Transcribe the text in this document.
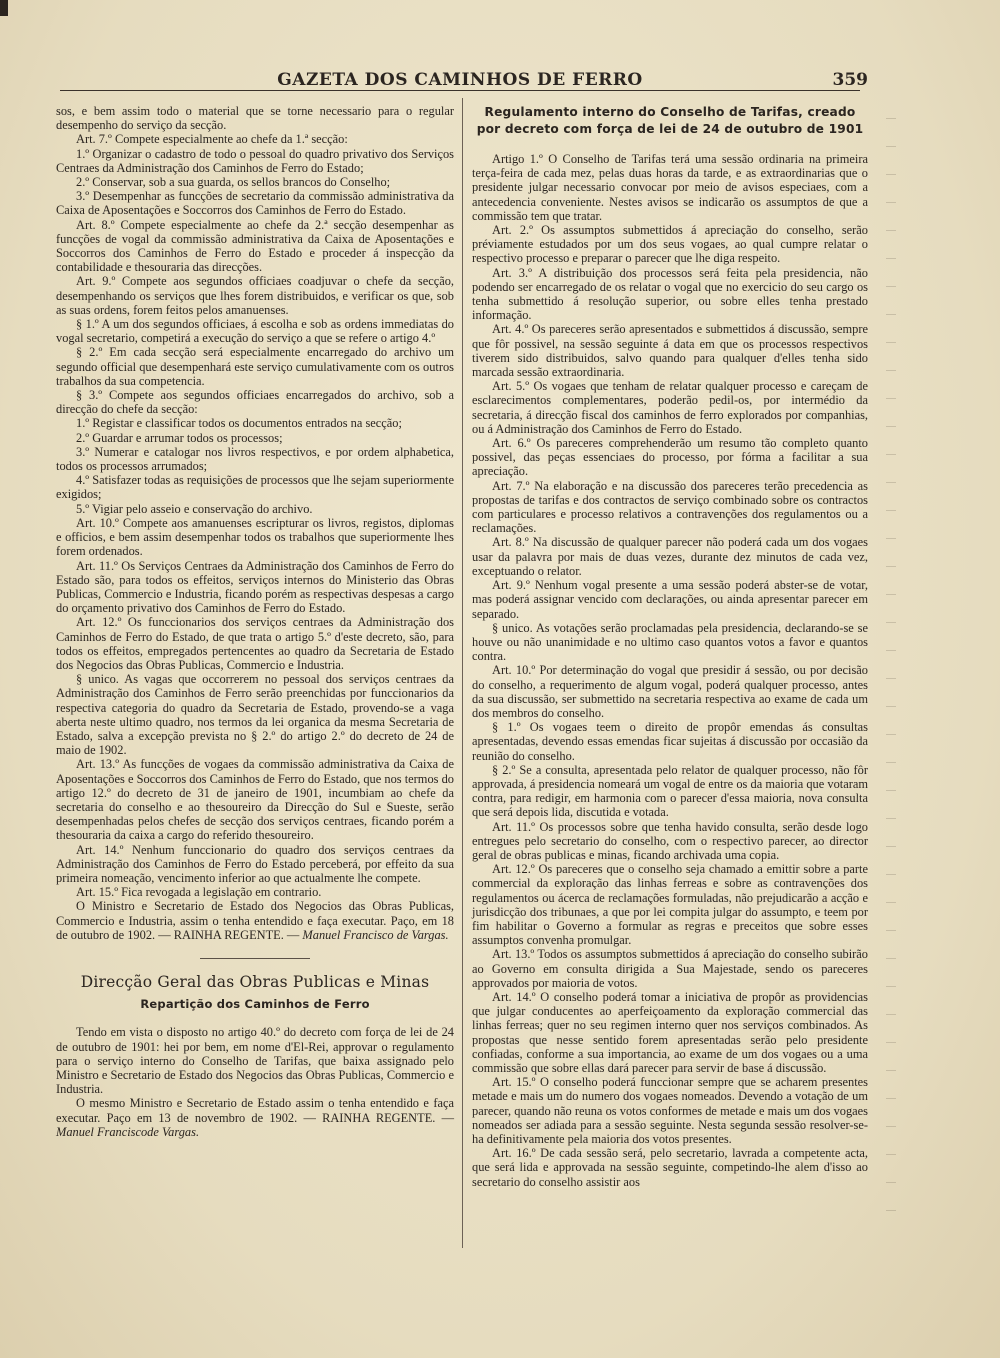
GAZETA DOS CAMINHOS DE FERRO	359

sos, e bem assim todo o material que se torne necessario para o regular desempenho do serviço da secção.

Art. 7.º Compete especialmente ao chefe da 1.ª secção:

1.º Organizar o cadastro de todo o pessoal do quadro privativo dos Serviços Centraes da Administração dos Caminhos de Ferro do Estado;

2.º Conservar, sob a sua guarda, os sellos brancos do Conselho;

3.º Desempenhar as funcções de secretario da commissão administrativa da Caixa de Aposentações e Soccorros dos Caminhos de Ferro do Estado.

Art. 8.º Compete especialmente ao chefe da 2.ª secção desempenhar as funcções de vogal da commissão administrativa da Caixa de Aposentações e Soccorros dos Caminhos de Ferro do Estado e proceder á inspecção da contabilidade e thesouraria das direcções.

Art. 9.º Compete aos segundos officiaes coadjuvar o chefe da secção, desempenhando os serviços que lhes forem distribuidos, e verificar os que, sob as suas ordens, forem feitos pelos amanuenses.

§ 1.º A um dos segundos officiaes, á escolha e sob as ordens immediatas do vogal secretario, competirá a execução do serviço a que se refere o artigo 4.º

§ 2.º Em cada secção será especialmente encarregado do archivo um segundo official que desempenhará este serviço cumulativamente com os outros trabalhos da sua competencia.

§ 3.º Compete aos segundos officiaes encarregados do archivo, sob a direcção do chefe da secção:

1.º Registar e classificar todos os documentos entrados na secção;

2.º Guardar e arrumar todos os processos;

3.º Numerar e catalogar nos livros respectivos, e por ordem alphabetica, todos os processos arrumados;

4.º Satisfazer todas as requisições de processos que lhe sejam superiormente exigidos;

5.º Vigiar pelo asseio e conservação do archivo.

Art. 10.º Compete aos amanuenses escripturar os livros, registos, diplomas e officios, e bem assim desempenhar todos os trabalhos que superiormente lhes forem ordenados.

Art. 11.º Os Serviços Centraes da Administração dos Caminhos de Ferro do Estado são, para todos os effeitos, serviços internos do Ministerio das Obras Publicas, Commercio e Industria, ficando porém as respectivas despesas a cargo do orçamento privativo dos Caminhos de Ferro do Estado.

Art. 12.º Os funccionarios dos serviços centraes da Administração dos Caminhos de Ferro do Estado, de que trata o artigo 5.º d'este decreto, são, para todos os effeitos, empregados pertencentes ao quadro da Secretaria de Estado dos Negocios das Obras Publicas, Commercio e Industria.

§ unico. As vagas que occorrerem no pessoal dos serviços centraes da Administração dos Caminhos de Ferro serão preenchidas por funccionarios da respectiva categoria do quadro da Secretaria de Estado, provendo-se a vaga aberta neste ultimo quadro, nos termos da lei organica da mesma Secretaria de Estado, salva a excepção prevista no § 2.º do artigo 2.º do decreto de 24 de maio de 1902.

Art. 13.º As funcções de vogaes da commissão administrativa da Caixa de Aposentações e Soccorros dos Caminhos de Ferro do Estado, que nos termos do artigo 12.º do decreto de 31 de janeiro de 1901, incumbiam ao chefe da secretaria do conselho e ao thesoureiro da Direcção do Sul e Sueste, serão desempenhadas pelos chefes de secção dos serviços centraes, ficando porém a thesouraria da caixa a cargo do referido thesoureiro.

Art. 14.º Nenhum funccionario do quadro dos serviços centraes da Administração dos Caminhos de Ferro do Estado perceberá, por effeito da sua primeira nomeação, vencimento inferior ao que actualmente lhe compete.

Art. 15.º Fica revogada a legislação em contrario.

O Ministro e Secretario de Estado dos Negocios das Obras Publicas, Commercio e Industria, assim o tenha entendido e faça executar. Paço, em 18 de outubro de 1902. — RAINHA REGENTE. — Manuel Francisco de Vargas.

Direcção Geral das Obras Publicas e Minas
Repartição dos Caminhos de Ferro

Tendo em vista o disposto no artigo 40.º do decreto com força de lei de 24 de outubro de 1901: hei por bem, em nome d'El-Rei, approvar o regulamento para o serviço interno do Conselho de Tarifas, que baixa assignado pelo Ministro e Secretario de Estado dos Negocios das Obras Publicas, Commercio e Industria.

O mesmo Ministro e Secretario de Estado assim o tenha entendido e faça executar. Paço em 13 de novembro de 1902. — RAINHA REGENTE. — Manuel Franciscode Vargas.

Regulamento interno do Conselho de Tarifas, creado por decreto com força de lei de 24 de outubro de 1901

Artigo 1.º O Conselho de Tarifas terá uma sessão ordinaria na primeira terça-feira de cada mez, pelas duas horas da tarde, e as extraordinarias que o presidente julgar necessario convocar por meio de avisos especiaes, com a antecedencia conveniente. Nestes avisos se indicarão os assumptos de que a commissão tem que tratar.

Art. 2.º Os assumptos submettidos á apreciação do conselho, serão préviamente estudados por um dos seus vogaes, ao qual cumpre relatar o respectivo processo e preparar o parecer que lhe diga respeito.

Art. 3.º A distribuição dos processos será feita pela presidencia, não podendo ser encarregado de os relatar o vogal que no exercicio do seu cargo os tenha submettido á resolução superior, ou sobre elles tenha prestado informação.

Art. 4.º Os pareceres serão apresentados e submettidos á discussão, sempre que fôr possivel, na sessão seguinte á data em que os processos respectivos tiverem sido distribuidos, salvo quando para qualquer d'elles tenha sido marcada sessão extraordinaria.

Art. 5.º Os vogaes que tenham de relatar qualquer processo e careçam de esclarecimentos complementares, poderão pedil-os, por intermédio da secretaria, á direcção fiscal dos caminhos de ferro explorados por companhias, ou á Administração dos Caminhos de Ferro do Estado.

Art. 6.º Os pareceres comprehenderão um resumo tão completo quanto possivel, das peças essenciaes do processo, por fórma a facilitar a sua apreciação.

Art. 7.º Na elaboração e na discussão dos pareceres terão precedencia as propostas de tarifas e dos contractos de serviço combinado sobre os contractos com particulares e processo relativos a contravenções dos regulamentos ou a reclamações.

Art. 8.º Na discussão de qualquer parecer não poderá cada um dos vogaes usar da palavra por mais de duas vezes, durante dez minutos de cada vez, exceptuando o relator.

Art. 9.º Nenhum vogal presente a uma sessão poderá abster-se de votar, mas poderá assignar vencido com declarações, ou ainda apresentar parecer em separado.

§ unico. As votações serão proclamadas pela presidencia, declarando-se se houve ou não unanimidade e no ultimo caso quantos votos a favor e quantos contra.

Art. 10.º Por determinação do vogal que presidir á sessão, ou por decisão do conselho, a requerimento de algum vogal, poderá qualquer processo, antes da sua discussão, ser submettido na secretaria respectiva ao exame de cada um dos membros do conselho.

§ 1.º Os vogaes teem o direito de propôr emendas ás consultas apresentadas, devendo essas emendas ficar sujeitas á discussão por occasião da reunião do conselho.

§ 2.º Se a consulta, apresentada pelo relator de qualquer processo, não fôr approvada, á presidencia nomeará um vogal de entre os da maioria que votaram contra, para redigir, em harmonia com o parecer d'essa maioria, nova consulta que será depois lida, discutida e votada.

Art. 11.º Os processos sobre que tenha havido consulta, serão desde logo entregues pelo secretario do conselho, com o respectivo parecer, ao director geral de obras publicas e minas, ficando archivada uma copia.

Art. 12.º Os pareceres que o conselho seja chamado a emittir sobre a parte commercial da exploração das linhas ferreas e sobre as contravenções dos regulamentos ou ácerca de reclamações formuladas, não prejudicarão a acção e jurisdicção dos tribunaes, a que por lei compita julgar do assumpto, e teem por fim habilitar o Governo a formular as regras e preceitos que sobre esses assumptos convenha promulgar.

Art. 13.º Todos os assumptos submettidos á apreciação do conselho subirão ao Governo em consulta dirigida a Sua Majestade, sendo os pareceres approvados por maioria de votos.

Art. 14.º O conselho poderá tomar a iniciativa de propôr as providencias que julgar conducentes ao aperfeiçoamento da exploração commercial das linhas ferreas; quer no seu regimen interno quer nos serviços combinados. As propostas que nesse sentido forem apresentadas serão pelo presidente confiadas, conforme a sua importancia, ao exame de um dos vogaes ou a uma commissão que sobre ellas dará parecer para servir de base á discussão.

Art. 15.º O conselho poderá funccionar sempre que se acharem presentes metade e mais um do numero dos vogaes nomeados. Devendo a votação de um parecer, quando não reuna os votos conformes de metade e mais um dos vogaes nomeados ser adiada para a sessão seguinte. Nesta segunda sessão resolver-se-ha definitivamente pela maioria dos votos presentes.

Art. 16.º De cada sessão será, pelo secretario, lavrada a competente acta, que será lida e approvada na sessão seguinte, competindo-lhe alem d'isso ao secretario do conselho assistir aos
